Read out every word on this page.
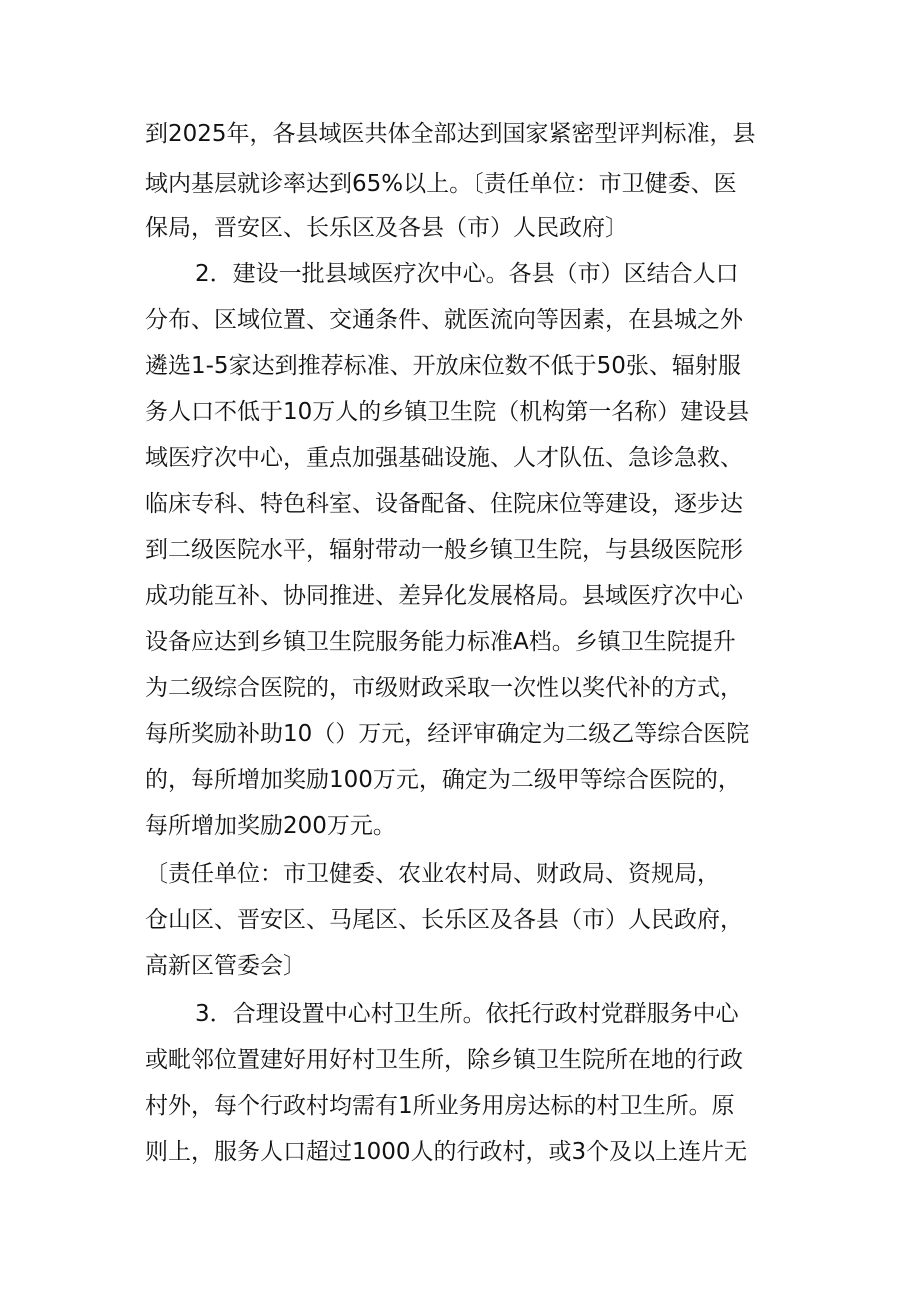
到2025年，各县域医共体全部达到国家紧密型评判标准，县
域内基层就诊率达到65%以上。〔责任单位：市卫健委、医
保局，晋安区、长乐区及各县（市）人民政府〕
2．建设一批县域医疗次中心。各县（市）区结合人口
分布、区域位置、交通条件、就医流向等因素，在县城之外
遴选1-5家达到推荐标准、开放床位数不低于50张、辐射服
务人口不低于10万人的乡镇卫生院（机构第一名称）建设县
域医疗次中心，重点加强基础设施、人才队伍、急诊急救、
临床专科、特色科室、设备配备、住院床位等建设，逐步达
到二级医院水平，辐射带动一般乡镇卫生院，与县级医院形
成功能互补、协同推进、差异化发展格局。县域医疗次中心
设备应达到乡镇卫生院服务能力标准A档。乡镇卫生院提升
为二级综合医院的，市级财政采取一次性以奖代补的方式，
每所奖励补助10（）万元，经评审确定为二级乙等综合医院
的，每所增加奖励100万元，确定为二级甲等综合医院的，
每所增加奖励200万元。
〔责任单位：市卫健委、农业农村局、财政局、资规局，
仓山区、晋安区、马尾区、长乐区及各县（市）人民政府，
高新区管委会〕
3．合理设置中心村卫生所。依托行政村党群服务中心
或毗邻位置建好用好村卫生所，除乡镇卫生院所在地的行政
村外，每个行政村均需有1所业务用房达标的村卫生所。原
则上，服务人口超过1000人的行政村，或3个及以上连片无
